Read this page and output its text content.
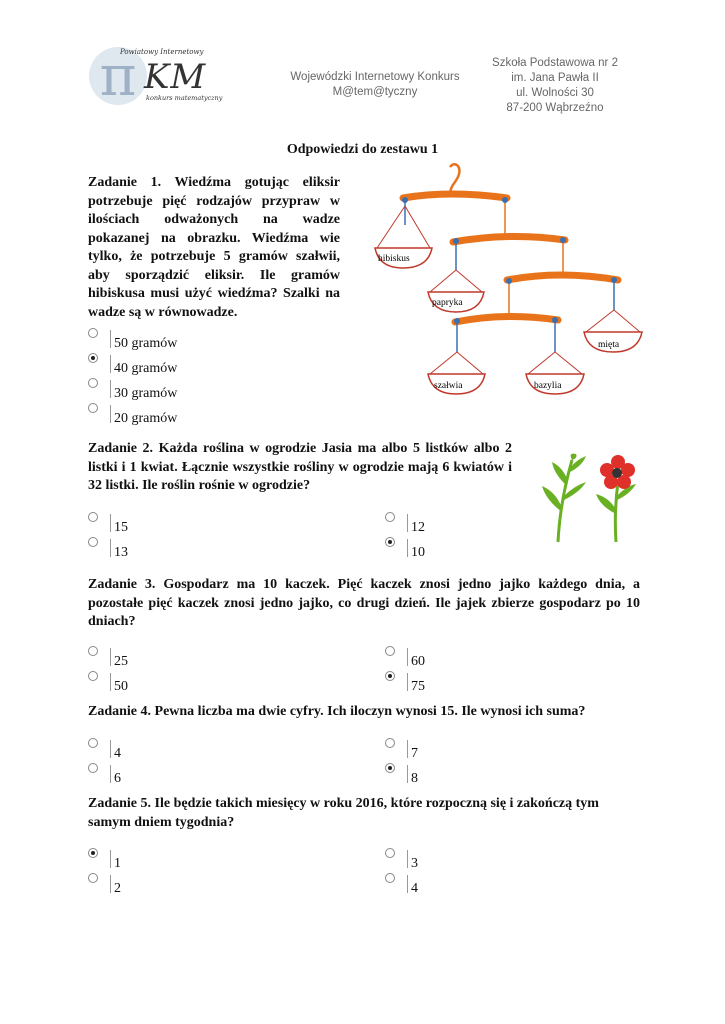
π
Powiatowy Internetowy
KM
konkurs matematyczny
Wojewódzki Internetowy Konkurs
M@tem@tyczny
Szkoła Podstawowa nr 2
im. Jana Pawła II
ul. Wolności 30
87-200 Wąbrzeźno
Odpowiedzi do zestawu 1
Zadanie 1. Wiedźma gotując eliksir potrzebuje pięć rodzajów przypraw w ilościach odważonych na wadze pokazanej na obrazku. Wiedźma wie tylko, że potrzebuje 5 gramów szałwii, aby sporządzić eliksir. Ile gramów hibiskusa musi użyć wiedźma? Szalki na wadze są w równowadze.
50 gramów
40 gramów
30 gramów
20 gramów
hibiskus
papryka
mięta
szałwia	bazylia
Zadanie 2. Każda roślina w ogrodzie Jasia ma albo 5 listków albo 2 listki i 1 kwiat. Łącznie wszystkie rośliny w ogrodzie mają 6 kwiatów i 32 listki. Ile roślin rośnie w ogrodzie?
15
13
12
10
Zadanie 3. Gospodarz ma 10 kaczek. Pięć kaczek znosi jedno jajko każdego dnia, a pozostałe pięć kaczek znosi jedno jajko, co drugi dzień. Ile jajek zbierze gospodarz po 10 dniach?
25
50
60
75
Zadanie 4. Pewna liczba ma dwie cyfry. Ich iloczyn wynosi 15. Ile wynosi ich suma?
4
6
7
8
Zadanie 5. Ile będzie takich miesięcy w roku 2016, które rozpoczną się i zakończą tym samym dniem tygodnia?
1
2
3
4
